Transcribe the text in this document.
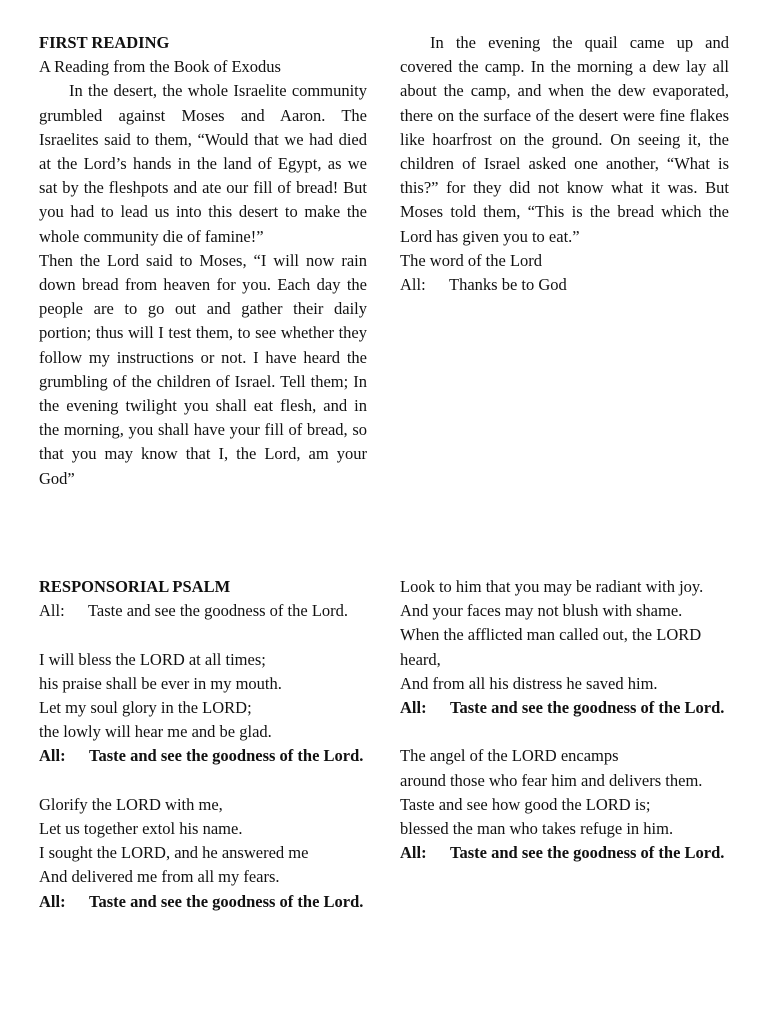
FIRST READING
A Reading from the Book of Exodus
In the desert, the whole Israelite community grumbled against Moses and Aaron. The Israelites said to them, “Would that we had died at the Lord’s hands in the land of Egypt, as we sat by the fleshpots and ate our fill of bread! But you had to lead us into this desert to make the whole community die of famine!”
Then the Lord said to Moses, “I will now rain down bread from heaven for you. Each day the people are to go out and gather their daily portion; thus will I test them, to see whether they follow my instructions or not. I have heard the grumbling of the children of Israel. Tell them; In the evening twilight you shall eat flesh, and in the morning, you shall have your fill of bread, so that you may know that I, the Lord, am your God”
In the evening the quail came up and covered the camp. In the morning a dew lay all about the camp, and when the dew evaporated, there on the surface of the desert were fine flakes like hoarfrost on the ground. On seeing it, the children of Israel asked one another, “What is this?” for they did not know what it was. But Moses told them, “This is the bread which the Lord has given you to eat.”
The word of the Lord
All: Thanks be to God
RESPONSORIAL PSALM
All: Taste and see the goodness of the Lord.
I will bless the LORD at all times;
his praise shall be ever in my mouth.
Let my soul glory in the LORD;
the lowly will hear me and be glad.
All: Taste and see the goodness of the Lord.
Glorify the LORD with me,
Let us together extol his name.
I sought the LORD, and he answered me
And delivered me from all my fears.
All: Taste and see the goodness of the Lord.
Look to him that you may be radiant with joy.
And your faces may not blush with shame.
When the afflicted man called out, the LORD heard,
And from all his distress he saved him.
All: Taste and see the goodness of the Lord.
The angel of the LORD encamps
around those who fear him and delivers them.
Taste and see how good the LORD is;
blessed the man who takes refuge in him.
All: Taste and see the goodness of the Lord.
